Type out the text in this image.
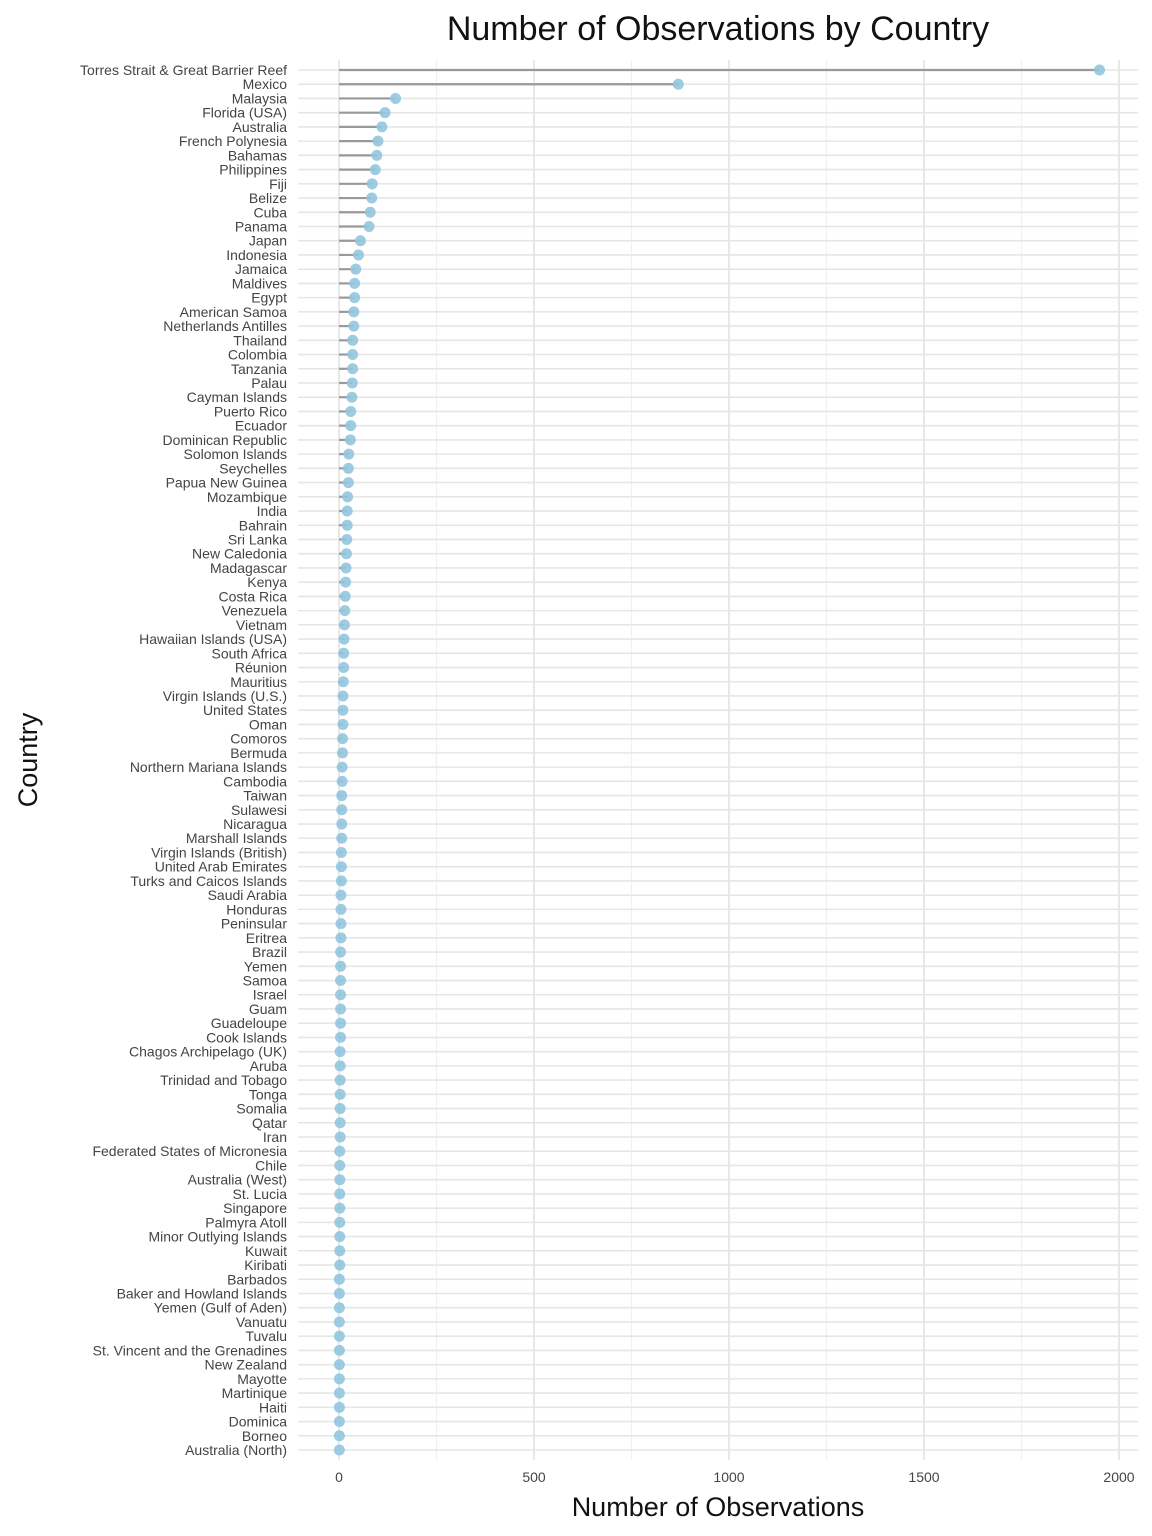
Torres Strait & Great Barrier Reef
Mexico
Malaysia
Florida (USA)
Australia
French Polynesia
Bahamas
Philippines
Fiji
Belize
Cuba
Panama
Japan
Indonesia
Jamaica
Maldives
Egypt
American Samoa
Netherlands Antilles
Thailand
Colombia
Tanzania
Palau
Cayman Islands
Puerto Rico
Ecuador
Dominican Republic
Solomon Islands
Seychelles
Papua New Guinea
Mozambique
India
Bahrain
Sri Lanka
New Caledonia
Madagascar
Kenya
Costa Rica
Venezuela
Vietnam
Hawaiian Islands (USA)
South Africa
Réunion
Mauritius
Virgin Islands (U.S.)
United States
Oman
Comoros
Bermuda
Northern Mariana Islands
Cambodia
Taiwan
Sulawesi
Nicaragua
Marshall Islands
Virgin Islands (British)
United Arab Emirates
Turks and Caicos Islands
Saudi Arabia
Honduras
Peninsular
Eritrea
Brazil
Yemen
Samoa
Israel
Guam
Guadeloupe
Cook Islands
Chagos Archipelago (UK)
Aruba
Trinidad and Tobago
Tonga
Somalia
Qatar
Iran
Federated States of Micronesia
Chile
Australia (West)
St. Lucia
Singapore
Palmyra Atoll
Minor Outlying Islands
Kuwait
Kiribati
Barbados
Baker and Howland Islands
Yemen (Gulf of Aden)
Vanuatu
Tuvalu
St. Vincent and the Grenadines
New Zealand
Mayotte
Martinique
Haiti
Dominica
Borneo
Australia (North)
0	500	1000	1500	2000
Number of Observations by Country
Number of Observations
Country
